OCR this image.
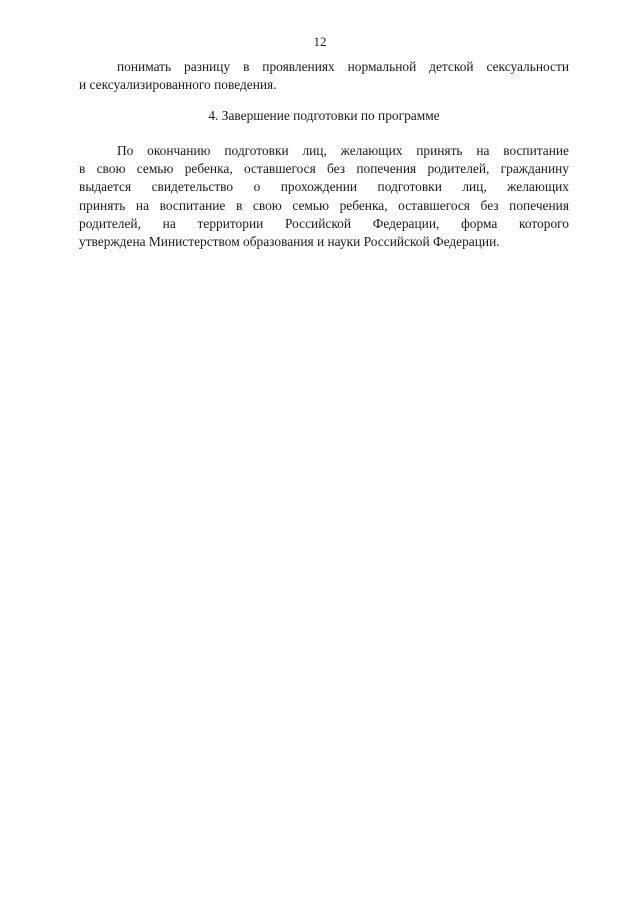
12
понимать разницу в проявлениях нормальной детской сексуальности
и сексуализированного поведения.
4. Завершение подготовки по программе
По окончанию подготовки лиц, желающих принять на воспитание
в свою семью ребенка, оставшегося без попечения родителей, гражданину
выдается свидетельство о прохождении подготовки лиц, желающих
принять на воспитание в свою семью ребенка, оставшегося без попечения
родителей, на территории Российской Федерации, форма которого
утверждена Министерством образования и науки Российской Федерации.
